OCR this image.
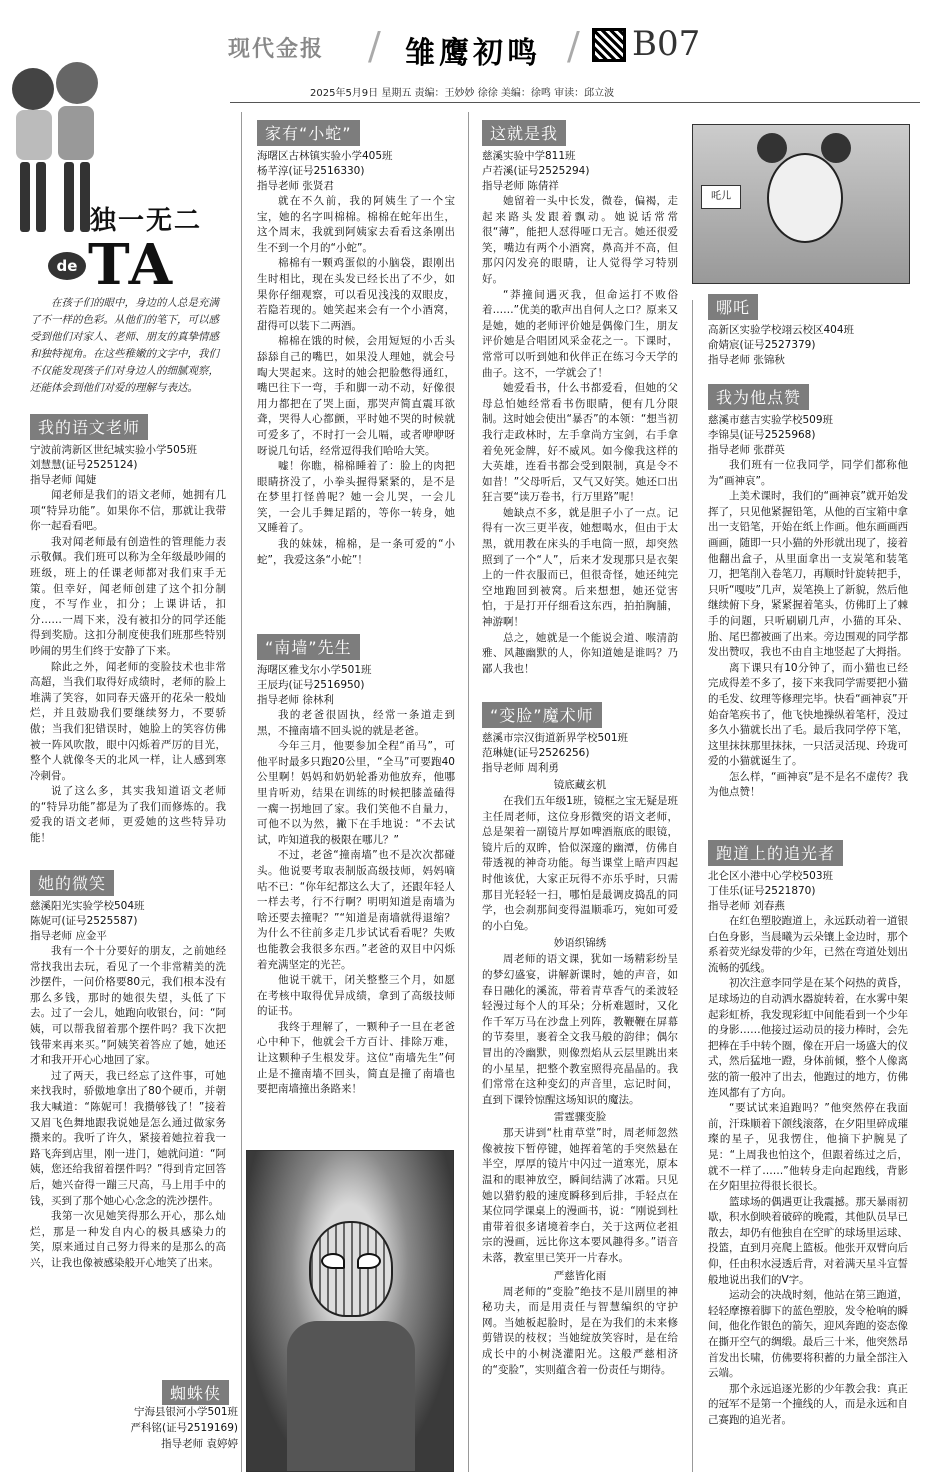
现代金报 / 雏鹰初鸣 / B07
2025年5月9日 星期五 责编：王妙妙 徐徐 美编：徐鸣 审读：邱立波
独一无二
de TA
在孩子们的眼中，身边的人总是充满了不一样的色彩。从他们的笔下，可以感受到他们对家人、老师、朋友的真挚情感和独特视角。在这些稚嫩的文字中，我们不仅能发现孩子们对身边人的细腻观察，还能体会到他们对爱的理解与表达。
我的语文老师
宁波前湾新区世纪城实验小学505班
刘慧慧(证号2525124)
指导老师 闻婕

闻老师是我们的语文老师，她拥有几项“特异功能”。如果你不信，那就让我带你一起看看吧。

我对闻老师最有创造性的管理能力表示敬佩。我们班可以称为全年级最吵闹的班级，班上的任课老师都对我们束手无策。但幸好，闻老师创建了这个扣分制度，不写作业，扣分；上课讲话，扣分……一周下来，没有被扣分的同学还能得到奖励。这扣分制度使我们班那些特别吵闹的男生们终于安静了下来。

除此之外，闻老师的变脸技术也非常高超，当我们取得好成绩时，老师的脸上堆满了笑容，如同春天盛开的花朵一般灿烂，并且鼓励我们要继续努力，不要骄傲；当我们犯错误时，她脸上的笑容仿佛被一阵风吹散，眼中闪烁着严厉的目光，整个人就像冬天的北风一样，让人感到寒冷刺骨。

说了这么多，其实我知道语文老师的“特异功能”都是为了我们而修炼的。我爱我的语文老师，更爱她的这些特异功能！

她的微笑
慈溪阳光实验学校504班
陈妮可(证号2525587)
指导老师 应金平

我有一个十分要好的朋友，之前她经常找我出去玩，看见了一个非常精美的洗沙摆件，一问价格要80元，我们根本没有那么多钱，那时的她很失望，头低了下去。过了一会儿，她跑向收银台，问：“阿姨，可以帮我留着那个摆件吗？我下次把钱带来再来买。”阿姨笑着答应了她，她还才和我开开心心地回了家。

过了两天，我已经忘了这件事，可她来找我时，骄傲地拿出了80个硬币，并朝我大喊道：“陈妮可！我攒够钱了！”接着又眉飞色舞地跟我说她是怎么通过做家务攒来的。我听了许久，紧接着她拉着我一路飞奔到店里，刚一进门，她就问道：“阿姨，您还给我留着摆件吗？”得到肯定回答后，她兴奋得一蹦三尺高，马上用手中的钱，买到了那个她心心念念的洗沙摆件。

我第一次见她笑得那么开心，那么灿烂，那是一种发自内心的极具感染力的笑，原来通过自己努力得来的是那么的高兴，让我也像被感染般开心地笑了出来。

蜘蛛侠
宁海县银河小学501班
严科铭(证号2519169)
指导老师 袁婷婷
家有“小蛇”
海曙区古林镇实验小学405班
杨芊淳(证号2516330)
指导老师 张贤君

就在不久前，我的阿姨生了一个宝宝，她的名字叫棉棉。棉棉在蛇年出生，这个周末，我就到阿姨家去看看这条刚出生不到一个月的“小蛇”。

棉棉有一颗鸡蛋似的小脑袋，跟刚出生时相比，现在头发已经长出了不少，如果你仔细观察，可以看见浅浅的双眼皮，若隐若现的。她笑起来会有一个小酒窝，甜得可以装下二两酒。

棉棉在饿的时候，会用短短的小舌头舔舔自己的嘴巴，如果没人理她，就会号啕大哭起来。这时的她会把脸憋得通红，嘴巴往下一弯，手和脚一动不动，好像很用力都把在了哭上面，那哭声简直震耳欲聋，哭得人心都颤，平时她不哭的时候就可爱多了，不时打一会儿嗝，或者咿咿呀呀说几句话，经常逗得我们哈哈大笑。

嘘！你瞧，棉棉睡着了：脸上的肉把眼睛挤没了，小拳头握得紧紧的，是不是在梦里打怪兽呢？她一会儿哭，一会儿笑，一会儿手舞足蹈的，等你一转身，她又睡着了。

我的妹妹，棉棉，是一条可爱的“小蛇”，我爱这条“小蛇”！

“南墙”先生
海曙区雅戈尔小学501班
王辰玙(证号2516950)
指导老师 徐林利

我的老爸很固执，经常一条道走到黑，不撞南墙不回头说的就是老爸。

今年三月，他要参加全程“甬马”，可他平时最多只跑20公里，“全马”可要跑40公里啊！妈妈和奶奶轮番劝他放弃，他哪里肯听劝，结果在训练的时候把膝盖磕得一瘸一拐地回了家。我们笑他不自量力，可他不以为然，撇下在手地说：“不去试试，咋知道我的极限在哪儿？”

不过，老爸“撞南墙”也不是次次都碰头。他说要考取表制版高级技师，妈妈嘀咕不已：“你年纪都这么大了，还跟年轻人一样去考，行不行啊？明明知道是南墙为啥还要去撞呢？”“知道是南墙就得退缩？为什么不往前多走几步试试看看呢？失败也能教会我很多东西。”老爸的双目中闪烁着充满坚定的光芒。

他说干就干，闭关整整三个月，如愿在考核中取得优异成绩，拿到了高级技师的证书。

我终于理解了，一颗种子一旦在老爸心中种下，他就会千方百计、排除万难，让这颗种子生根发芽。这位“南墙先生”何止是不撞南墙不回头，简直是撞了南墙也要把南墙撞出条路来！

这就是我
慈溪实验中学811班
卢若溪(证号2525294)
指导老师 陈倩祥

她留着一头中长发，微卷，偏褐，走起来路头发跟着飘动。她说话常常很“薄”，能把人怼得哑口无言。她还很爱笑，嘴边有两个小酒窝，鼻高并不高，但那闪闪发亮的眼睛，让人觉得学习特别好。

“莽撞间遇灭我，但命运打不败俗着……”优美的歌声出自何人之口？原来又是她，她的老师评价她是偶像门生，朋友评价她是合唱团风采金花之一。下课时，常常可以听到她和伙伴正在练习今天学的曲子。这不，一学就会了！

她爱看书，什么书都爱看，但她的父母总怕她经常看书伤眼睛，便有几分限制。这时她会使出“暴否”的本领：“想当初我行走政林时，左手拿尚方宝剑，右手拿着免死金牌，好不威风。如今像我这样的大英雄，连看书都会受到限制，真是令不如昔！”父母听后，又气又好笑。她还口出狂言要“读万卷书，行万里路”呢！

她缺点不多，就是胆子小了一点。记得有一次三更半夜，她想喝水，但由于太黑，就用教在床头的手电筒一照，却突然照到了一个“人”，后来才发现那只是衣架上的一件衣服而已，但很奇怪，她还纯完空地跑回到被窝。后来想想，她还觉害怕，于是打开仔细看这东西，拍拍胸脯，神游啊！

总之，她就是一个能说会道、喉清韵雅、风趣幽默的人，你知道她是谁吗？乃鄙人我也！

“变脸”魔术师
慈溪市宗汉街道新界学校501班
范琳婕(证号2526256)
指导老师 周利勇
镜底藏玄机

在我们五年级1班，镜框之宝无疑是班主任周老师，这位身形微突的语文老师，总是架着一副镜片厚如啤酒瓶底的眼镜，镜片后的双眸，恰似深邃的幽潭，仿佛自带透视的神奇功能。每当课堂上暗声四起时他该优，大家正玩得不亦乐乎时，只需那目光轻轻一扫，哪怕是最调皮捣乱的同学，也会刹那间变得温顺乖巧，宛如可爱的小白兔。

妙语织锦绣

周老师的语文课，犹如一场精彩纷呈的梦幻盛宴，讲解新课时，她的声音，如春日融化的溪流，带着青草香气的柔波轻轻漫过每个人的耳朵；分析难题时，又化作千军万马在沙盘上列阵，教鞭鞭在屏幕的节奏里，裹着全文我马般的韵律；偶尔冒出的冷幽默，则像烈焰从云层里跳出来的小星星，把整个教室照得亮晶晶的。我们常常在这种变幻的声音里，忘记时间，直到下课铃惊醒这场知识的魔法。

雷霆骤变脸

那天讲到“杜甫草堂”时，周老师忽然像被按下暂停键，她挥着笔的手突然悬在半空，厚厚的镜片中闪过一道寒光，原本温和的眼神放空，瞬间结满了冰霜。只见她以猎豹般的速度瞬移到后排，手轻点在某位同学课桌上的漫画书，说：“刚说到杜甫带着很多诸境着李白，关于这两位老祖宗的漫画，远比你这本要风趣得多。”语音未落，教室里已笑开一片春水。

严慈皆化雨

周老师的“变脸”绝技不是川剧里的神秘功夫，而是用责任与智慧编织的守护网。当她板起脸时，是在为我们的未来修剪错误的枝杈；当她绽放笑容时，是在给成长中的小树浇灌阳光。这般严慈相济的“变脸”，实则蕴含着一份责任与期待。

吒儿
哪吒
高新区实验学校翊云校区404班
俞婧宸(证号2527379)
指导老师 张锦秋
我为他点赞
慈溪市慈吉实验学校509班
李锦昊(证号2525968)
指导老师 张群英

我们班有一位我同学，同学们都称他为“画神哀”。

上美术课时，我们的“画神哀”就开始发挥了，只见他紧握铅笔，从他的百宝箱中拿出一支铅笔，开始在纸上作画。他东画画西画画，随即一只小猫的外形就出现了，接着他翻出盒子，从里面拿出一支炭笔和装笔刀，把笔削入卷笔刀，再顺时针旋转把手，只听“嘎吱”几声，炭笔换上了新貌，然后他继续俯下身，紧紧握着笔头，仿佛盯上了棘手的问题，只听刷刷几声，小猫的耳朵、胎、尾巴都被画了出来。旁边围观的同学都发出赞叹，我也不由自主地竖起了大拇指。

离下课只有10分钟了，而小猫也已经完成得差不多了，接下来我同学需要把小猫的毛发、纹理等修理完毕。快看“画神哀”开始奋笔疾书了，他飞快地操纵着笔杆，没过多久小猫就长出了毛。最后我同学停下笔，这里抹抹那里抹抹，一只活灵活现、玲珑可爱的小猫就诞生了。

怎么样，“画神哀”是不是名不虚传？我为他点赞！

跑道上的追光者
北仑区小港中心学校503班
丁佳乐(证号2521870)
指导老师 刘春燕

在红色塑胶跑道上，永远跃动着一道银白色身影，当晨曦为云朵镶上金边时，那个系着荧光绿发带的少年，已然在弯道处划出流畅的弧线。

初次注意李同学是在某个闷热的黄昏，足球场边的自动洒水器旋转着，在水雾中架起彩虹桥，我发现彩虹中间能看到一个少年的身影……他接过运动员的接力棒时，会先把棒在手中转个圈，像在开启一场盛大的仪式，然后猛地一蹬，身体前倾，整个人像离弦的箭一般冲了出去，他跑过的地方，仿佛连风都有了方向。

“要试试来追跑吗？”他突然停在我面前，汗珠顺着下颌线滚落，在夕阳里碎成璀璨的星子，见我愣住，他摘下护腕晃了晃：“上周我也怕这个，但跟着练过之后，就不一样了……”他转身走向起跑线，背影在夕阳里拉得很长很长。

篮球场的偶遇更让我震撼。那天暴雨初歇，积水倒映着破碎的晚霞，其他队员早已散去，却仍有他独自在空旷的球场里运球、投篮，直到月亮爬上篮板。他张开双臂向后仰，任由积水浸透后背，对着满天星斗宣誓般地说出我们的V字。

运动会的决战时刻，他站在第三跑道，轻轻摩擦着脚下的蓝色塑胶，发令枪响的瞬间，他化作银色的箭矢，迎风奔跑的姿态像在撕开空气的绸缎。最后三十米，他突然昂首发出长啸，仿佛要将积蓄的力量全部注入云端。

那个永远追逐光影的少年教会我：真正的冠军不是第一个撞线的人，而是永远和自己赛跑的追光者。
